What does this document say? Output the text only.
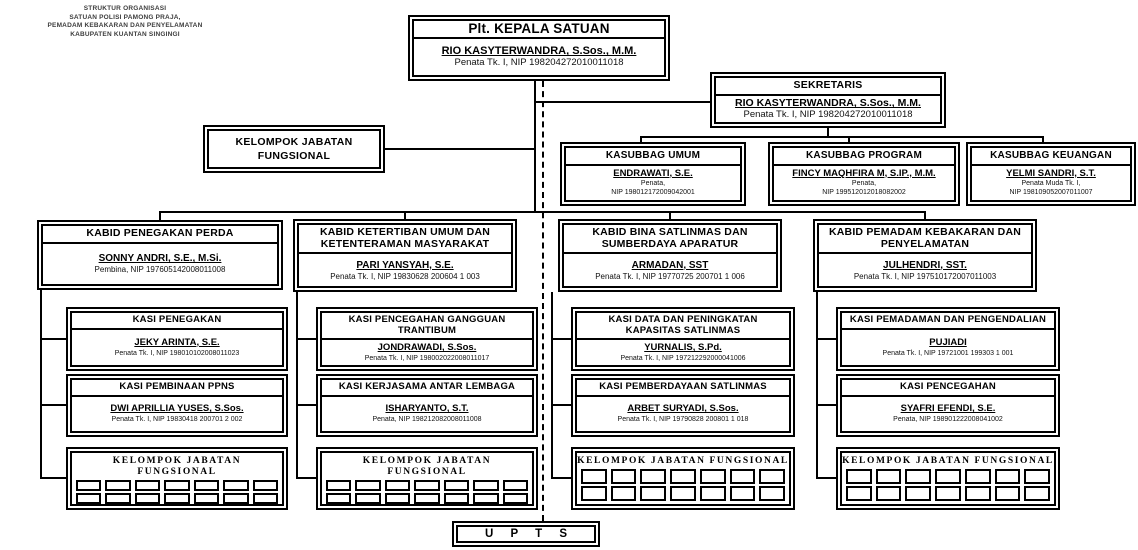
STRUKTUR ORGANISASI
SATUAN POLISI PAMONG PRAJA,
PEMADAM KEBAKARAN DAN PENYELAMATAN
KABUPATEN KUANTAN SINGINGI	Plt. KEPALA SATUAN
RIO KASYTERWANDRA, S.Sos., M.M.
Penata Tk. I, NIP 198204272010011018
SEKRETARIS
RIO KASYTERWANDRA, S.Sos., M.M.
Penata Tk. I, NIP 198204272010011018
KELOMPOK JABATAN FUNGSIONAL	KASUBBAG UMUM
ENDRAWATI, S.E.
Penata,
NIP 198012172009042001
KASUBBAG PROGRAM
FINCY MAQHFIRA M, S.IP., M.M.
Penata,
NIP 199512012018082002
KASUBBAG KEUANGAN
YELMI SANDRI, S.T.
Penata Muda Tk. I,
NIP 198109052007011007
KABID PENEGAKAN PERDA
SONNY ANDRI, S.E., M.Si.
Pembina, NIP 197605142008011008
KABID KETERTIBAN UMUM DAN KETENTERAMAN MASYARAKAT
PARI YANSYAH, S.E.
Penata Tk. I, NIP 19830628 200604 1 003
KABID BINA SATLINMAS DAN SUMBERDAYA APARATUR
ARMADAN, SST
Penata Tk. I, NIP 19770725 200701 1 006
KABID PEMADAM KEBAKARAN DAN PENYELAMATAN
JULHENDRI, SST.
Penata Tk. I, NIP 197510172007011003
KASI PENEGAKAN
JEKY ARINTA, S.E.
Penata Tk. I, NIP 198010102008011023
KASI PENCEGAHAN GANGGUAN TRANTIBUM
JONDRAWADI, S.Sos.
Penata Tk. I, NIP 198002022008011017
KASI DATA DAN PENINGKATAN KAPASITAS SATLINMAS
YURNALIS, S.Pd.
Penata Tk. I, NIP 197212292000041006
KASI PEMADAMAN DAN PENGENDALIAN
PUJIADI
Penata Tk. I, NIP 19721001 199303 1 001
KASI PEMBINAAN PPNS
DWI APRILLIA YUSES, S.Sos.
Penata Tk. I, NIP 19830418 200701 2 002
KASI KERJASAMA ANTAR LEMBAGA
ISHARYANTO, S.T.
Penata, NIP 198212082008011008
KASI PEMBERDAYAAN SATLINMAS
ARBET SURYADI, S.Sos.
Penata Tk. I, NIP 19790828 200801 1 018
KASI PENCEGAHAN
SYAFRI EFENDI, S.E.
Penata, NIP 198901222008041002
KELOMPOK JABATAN FUNGSIONAL
KELOMPOK JABATAN FUNGSIONAL
KELOMPOK JABATAN FUNGSIONAL	KELOMPOK JABATAN FUNGSIONAL
U P T S
